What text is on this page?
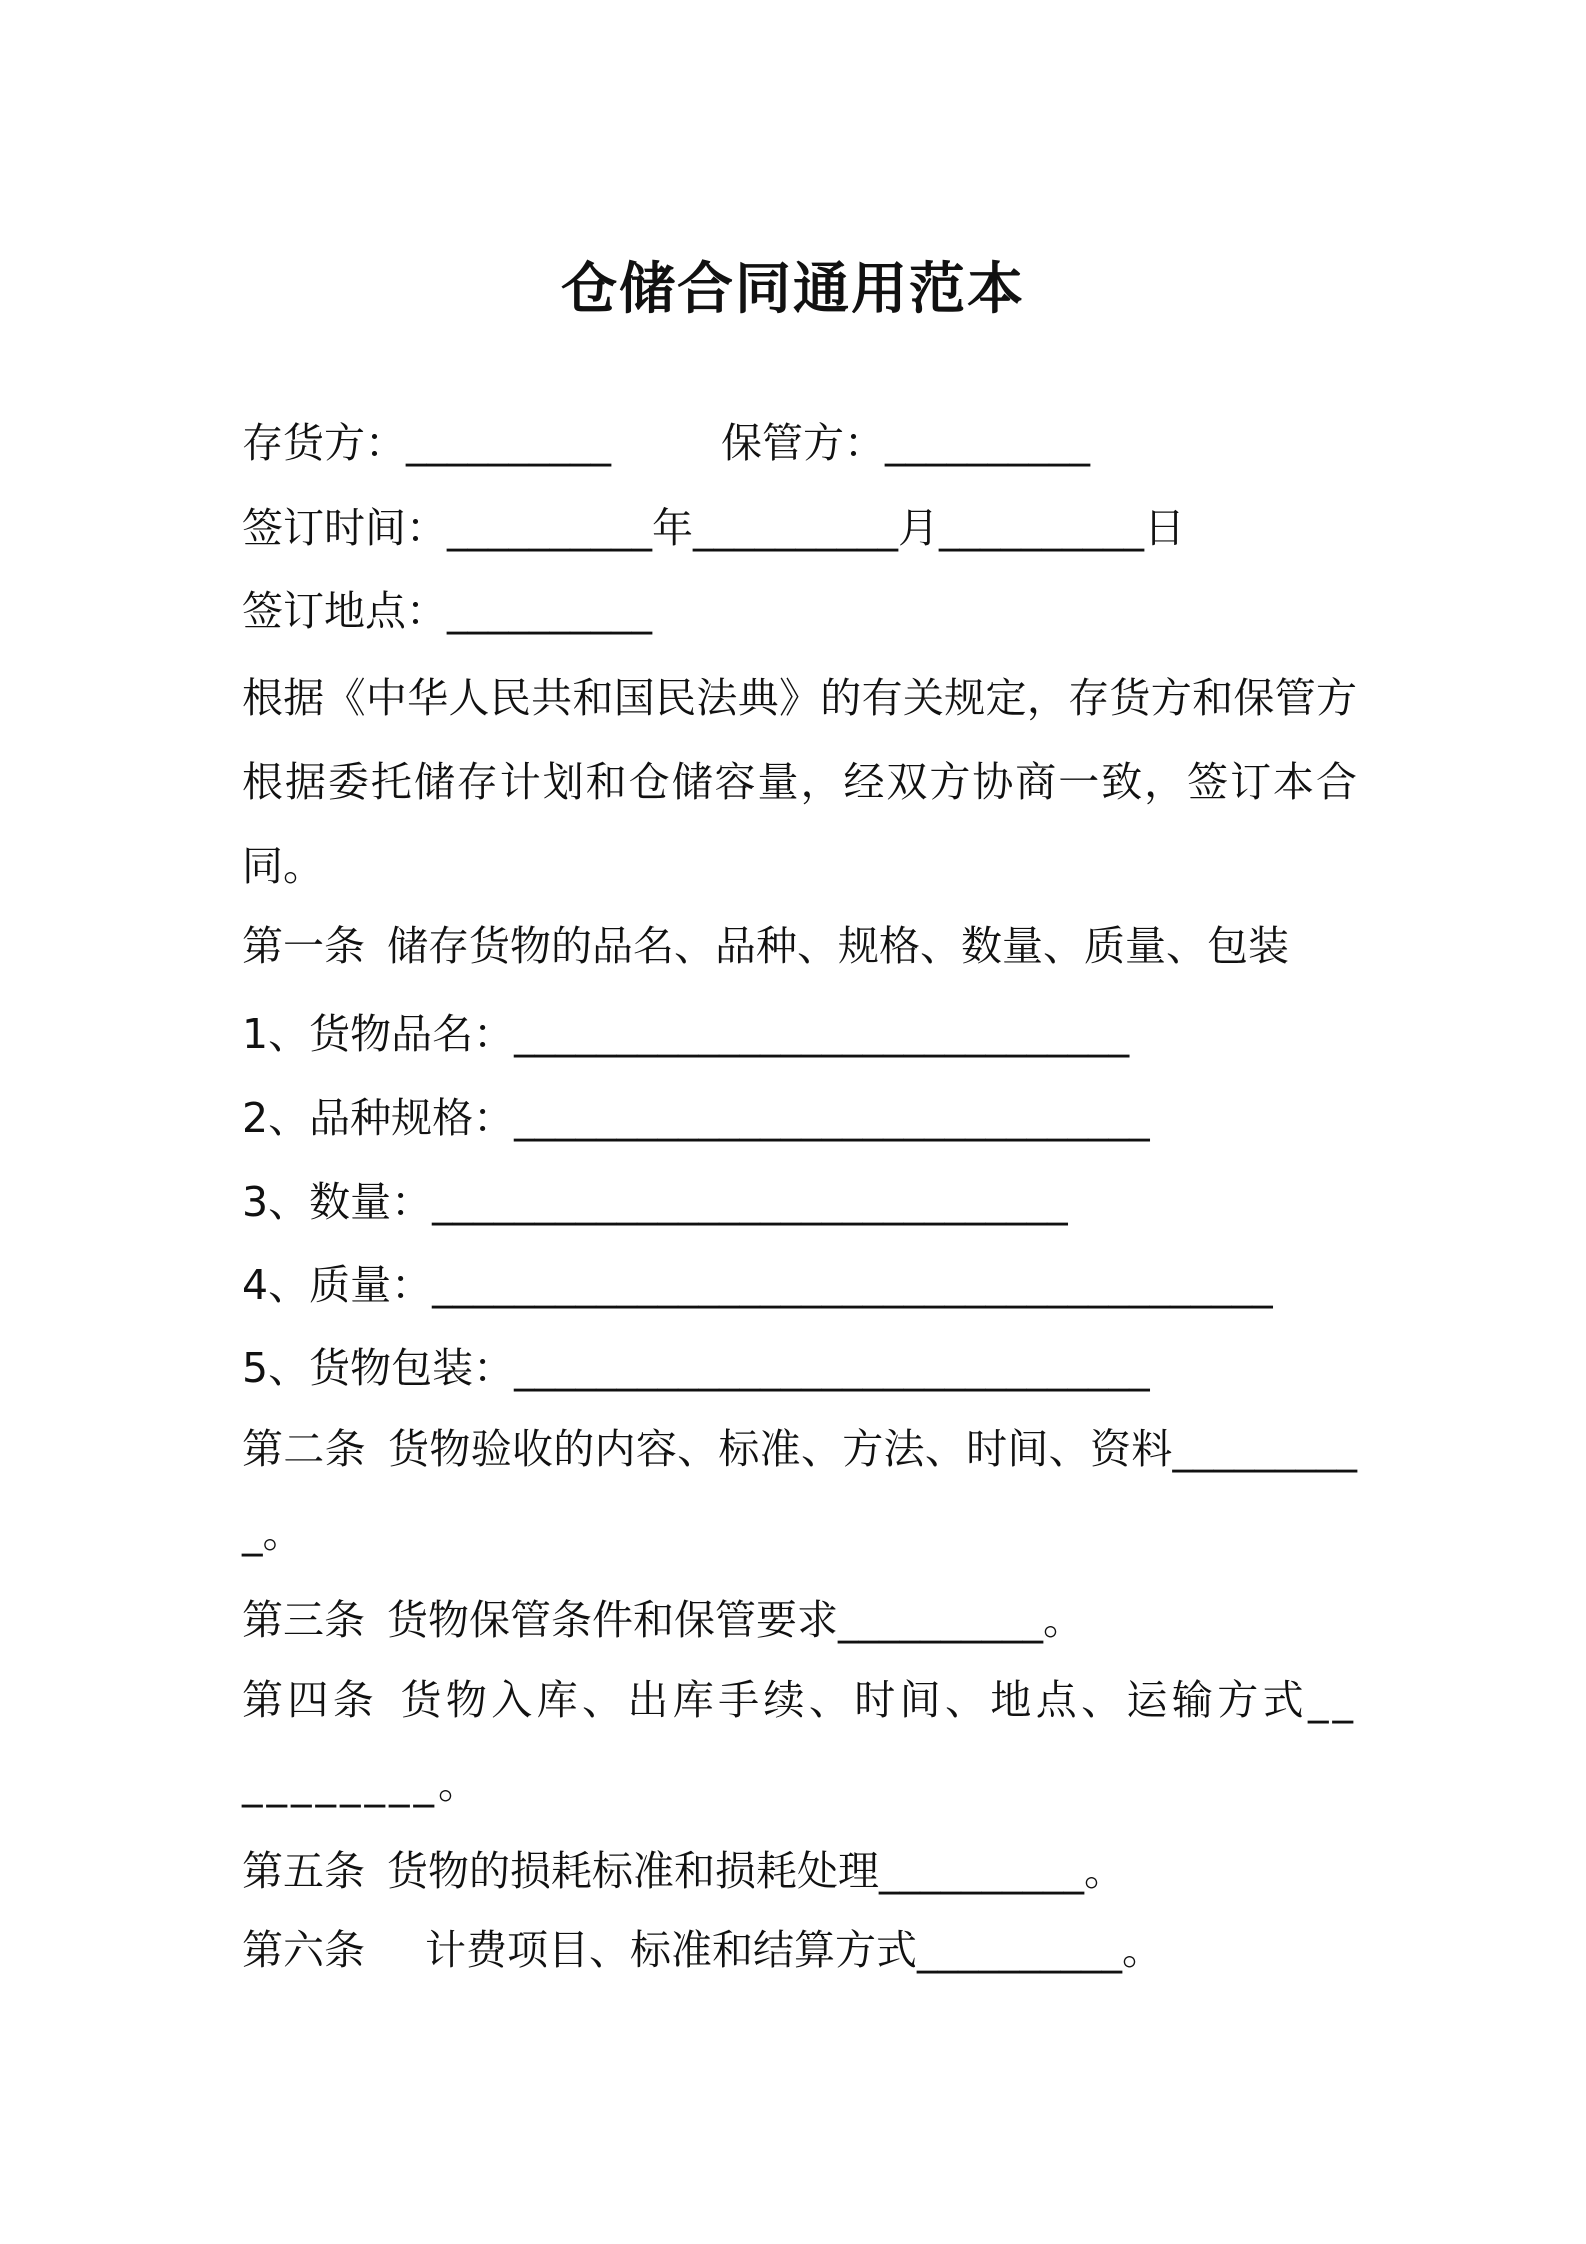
仓储合同通用范本
存货方：__________	保管方：__________
签订时间：__________年__________月__________日
签订地点：__________
根据《中华人民共和国民法典》的有关规定，存货方和保管方根据委托储存计划和仓储容量，经双方协商一致，签订本合同。
第一条 储存货物的品名、品种、规格、数量、质量、包装
1、货物品名：______________________________
2、品种规格：_______________________________
3、数量：_______________________________
4、质量：_________________________________________
5、货物包装：_______________________________
第二条 货物验收的内容、标准、方法、时间、资料__________。
第三条 货物保管条件和保管要求__________。
第四条 货物入库、出库手续、时间、地点、运输方式__________。
第五条 货物的损耗标准和损耗处理__________。
第六条 计费项目、标准和结算方式__________。
